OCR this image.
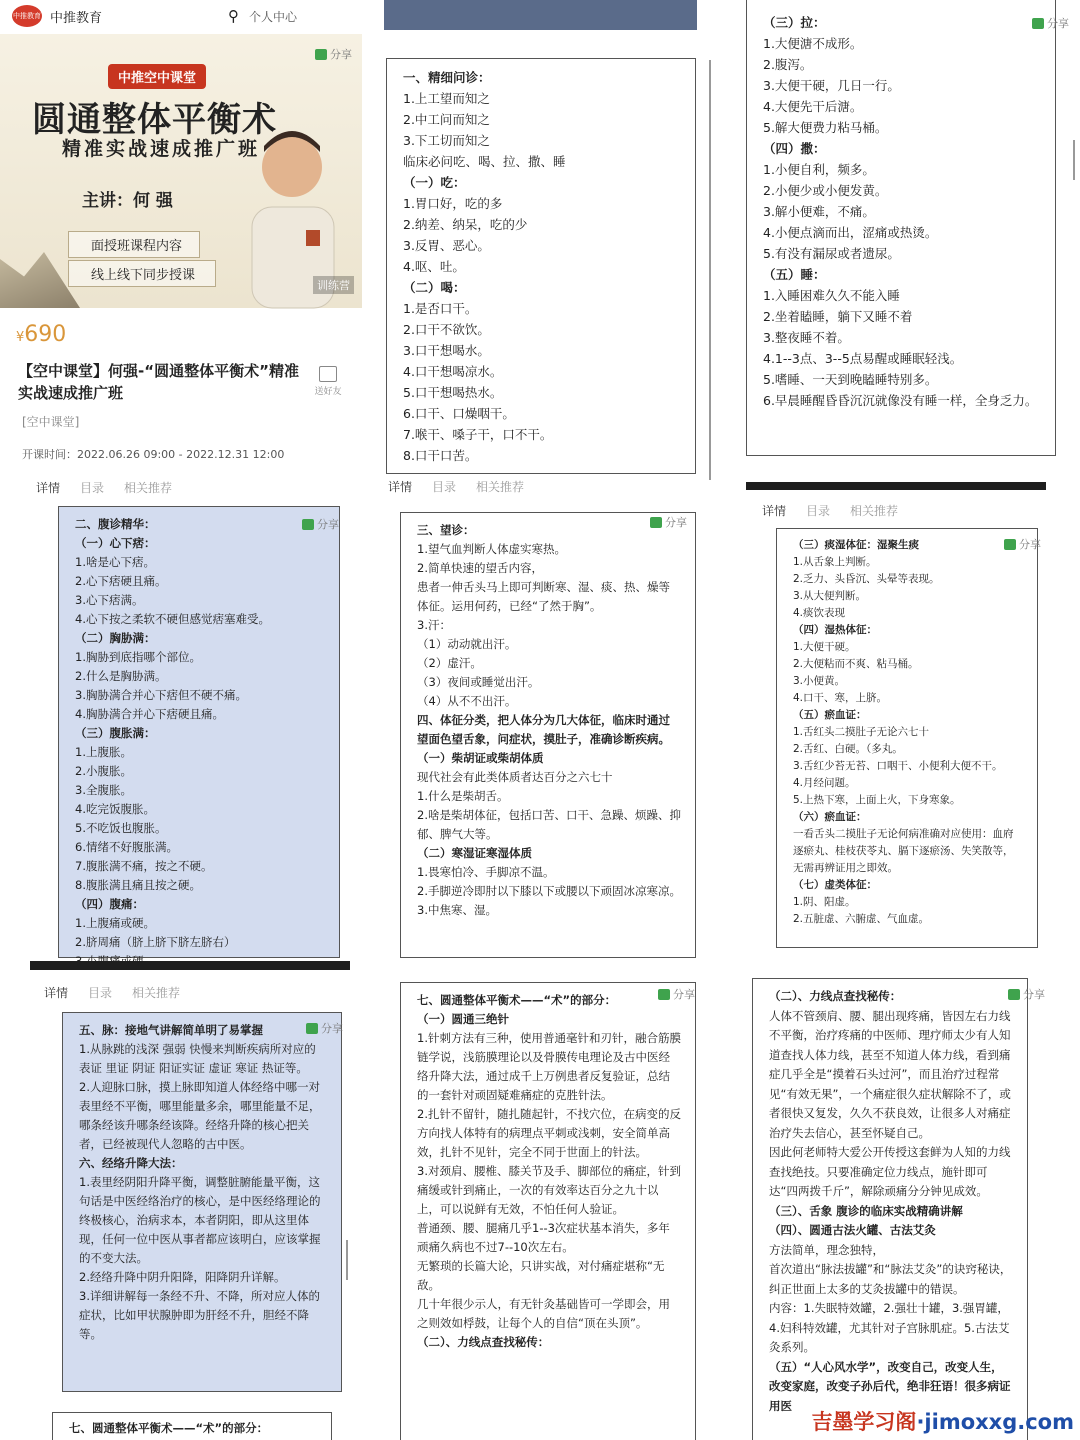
中推教育 中推教育	⚲ 个人中心
分享
中推空中课堂
圆通整体平衡术
精准实战速成推广班
主讲：何 强
面授班课程内容
线上线下同步授课
训练营
¥690
【空中课堂】何强-“圆通整体平衡术”精准实战速成推广班	送好友
[空中课堂]
开课时间：2022.06.26 09:00 - 2022.12.31 12:00
详情 目录 相关推荐
一、精细问诊：
1.上工望而知之
2.中工问而知之
3.下工切而知之
临床必问吃、喝、拉、撒、睡
（一）吃：
1.胃口好，吃的多
2.纳差、纳呆，吃的少
3.反胃、恶心。
4.呕、吐。
（二）喝：
1.是否口干。
2.口干不欲饮。
3.口干想喝水。
4.口干想喝凉水。
5.口干想喝热水。
6.口干、口燥咽干。
7.喉干、嗓子干，口不干。
8.口干口苦。
（三）拉：
1.大便溏不成形。
2.腹泻。
3.大便干硬，几日一行。
4.大便先干后溏。
5.解大便费力粘马桶。
（四）撒：
1.小便自利，频多。
2.小便少或小便发黄。
3.解小便难，不痛。
4.小便点滴而出，涩痛或热烫。
5.有没有漏尿或者遗尿。
（五）睡：
1.入睡困难久久不能入睡
2.坐着瞌睡，躺下又睡不着
3.整夜睡不着。
4.1--3点、3--5点易醒或睡眠轻浅。
5.嗜睡、一天到晚瞌睡特别多。
6.早晨睡醒昏昏沉沉就像没有睡一样，全身乏力。
分享
详情 目录 相关推荐
详情 目录 相关推荐
二、腹诊精华：
（一）心下痞：
1.啥是心下痞。
2.心下痞硬且痛。
3.心下痞满。
4.心下按之柔软不硬但感觉痞塞难受。
（二）胸胁满：
1.胸胁到底指哪个部位。
2.什么是胸胁满。
3.胸胁满合并心下痞但不硬不痛。
4.胸胁满合并心下痞硬且痛。
（三）腹胀满：
1.上腹胀。
2.小腹胀。
3.全腹胀。
4.吃完饭腹胀。
5.不吃饭也腹胀。
6.情绪不好腹胀满。
7.腹胀满不痛，按之不硬。
8.腹胀满且痛且按之硬。
（四）腹痛：
1.上腹痛或硬。
2.脐周痛（脐上脐下脐左脐右）
分享	三、望诊：
1.望气血判断人体虚实寒热。
2.简单快速的望舌内容，
患者一伸舌头马上即可判断寒、湿、痰、热、燥等体征。运用何药，已经“了然于胸”。
3.汗：
（1）动动就出汗。
（2）虚汗。
（3）夜间或睡觉出汗。
（4）从不不出汗。
四、体征分类，把人体分为几大体征，临床时通过望面色望舌象，问症状，摸肚子，准确诊断疾病。
（一）柴胡证或柴胡体质
现代社会有此类体质者达百分之六七十
1.什么是柴胡舌。
2.啥是柴胡体征，包括口苦、口干、急躁、烦躁、抑郁、脾气大等。
（二）寒湿证寒湿体质
1.畏寒怕冷、手脚凉不温。
2.手脚逆冷即肘以下膝以下或腰以下顽固冰凉寒凉。
3.中焦寒、湿。
分享
（三）痰湿体征：湿聚生痰
1.从舌象上判断。
2.乏力、头昏沉、头晕等表现。
3.从大便判断。
4.痰饮表现
（四）湿热体征：
1.大便干硬。
2.大便粘而不爽、粘马桶。
3.小便黄。
4.口干、寒，上脐。
（五）瘀血证：
1.舌红头二摸肚子无论六七十
2.舌红、白硬。（多丸。
3.舌红少苔无苔、口咽干、小便利大便不干。
4.月经问题。
5.上热下寒，上面上火，下身寒象。
（六）瘀血证：
一看舌头二摸肚子无论何病准确对应使用：血府逐瘀丸、桂枝茯苓丸、膈下逐瘀汤、失笑散等，无需再辨证用之即效。
（七）虚类体征：
1.阴、阳虚。
2.五脏虚、六腑虚、气血虚。
分享
详情 目录 相关推荐
五、脉：接地气讲解简单明了易掌握
1.从脉跳的浅深 强弱 快慢来判断疾病所对应的表证 里证 阴证 阳证实证 虚证 寒证 热证等。
2.人迎脉口脉，摸上脉即知道人体经络中哪一对表里经不平衡，哪里能量多余，哪里能量不足，哪条经该升哪条经该降。经络升降的核心把关者，已经被现代人忽略的古中医。
六、经络升降大法：
1.表里经阴阳升降平衡，调整脏腑能量平衡，这句话是中医经络治疗的核心，是中医经络理论的终极核心，治病求本，本者阴阳，即从这里体现，任何一位中医从事者都应该明白，应该掌握的不变大法。
2.经络升降中阴升阳降，阳降阴升详解。
3.详细讲解每一条经不升、不降，所对应人体的症状，比如甲状腺肿即为肝经不升，胆经不降等。
分享
七、圆通整体平衡术——“术”的部分：
（一）圆通三绝针
1.针刺方法有三种，使用普通毫针和刃针，融合筋膜链学说，浅筋膜理论以及骨膜传电理论及古中医经络升降大法，通过成千上万例患者反复验证，总结的一套针对顽固疑难痛症的克胜针法。
2.扎针不留针，随扎随起针，不找穴位，在病变的反方向找人体特有的病理点平刺或浅刺，安全简单高效，扎针不见针，完全不同于世面上的针法。
3.对颈肩、腰椎、膝关节及手、脚部位的痛症，针到痛缓或针到痛止，一次的有效率达百分之九十以上，可以说鲜有无效，不怕任何人验证。
普通颈、腰、腿痛几乎1--3次症状基本消失，多年顽痛久病也不过7--10次左右。
无繁琐的长篇大论，只讲实战，对付痛症堪称“无敌。
几十年很少示人，有无针灸基础皆可一学即会，用之则效如桴鼓，让每个人的自信“顶在头顶”。
（二）、力线点查找秘传：
分享	（二）、力线点查找秘传：
人体不管颈肩、腰、腿出现疼痛，皆因左右力线不平衡，治疗疼痛的中医师、理疗师太少有人知道查找人体力线，甚至不知道人体力线，看到痛症几乎全是“摸着石头过河”，而且治疗过程常见“有效无果”，一个痛症很久症状解除不了，或者很快又复发，久久不获良效，让很多人对痛症治疗失去信心，甚至怀疑自己。
因此何老师特大爱公开传授这套鲜为人知的力线查找绝技。只要准确定位力线点，施针即可达“四两拨千斤”，解除顽痛分分钟见成效。
（三）、舌象 腹诊的临床实战精确讲解
（四）、圆通古法火罐、古法艾灸
方法简单，理念独特，
首次道出“脉法拔罐”和“脉法艾灸”的诀窍秘诀，纠正世面上太多的艾灸拔罐中的错误。
内容：1.失眠特效罐，2.强壮十罐，3.强胃罐，4.妇科特效罐，尤其针对子宫脉肌症。5.古法艾灸系列。
（五）“人心风水学”，改变自己，改变人生，改变家庭，改变子孙后代，绝非狂语！很多病证用医
分享
七、圆通整体平衡术——“术”的部分：	吉墨学习阁·jimoxxg.com
